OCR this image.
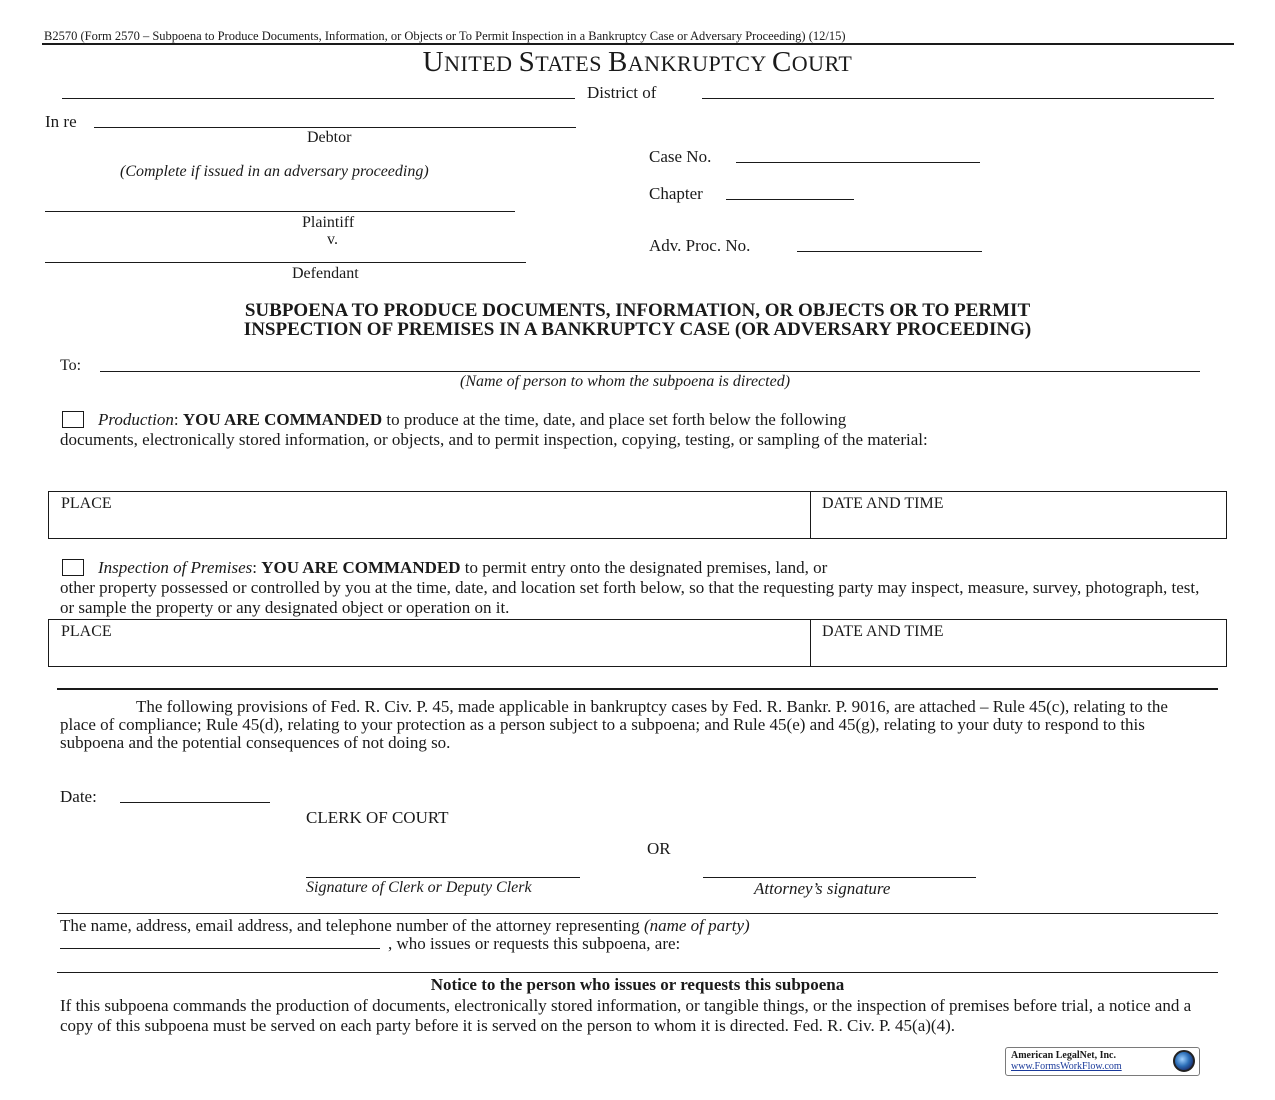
B2570 (Form 2570 – Subpoena to Produce Documents, Information, or Objects or To Permit Inspection in a Bankruptcy Case or Adversary Proceeding) (12/15)
UNITED STATES BANKRUPTCY COURT
District of
In re
Debtor
(Complete if issued in an adversary proceeding)
Plaintiff
v.
Defendant
Case No.
Chapter
Adv. Proc. No.
SUBPOENA TO PRODUCE DOCUMENTS, INFORMATION, OR OBJECTS OR TO PERMIT
INSPECTION OF PREMISES IN A BANKRUPTCY CASE (OR ADVERSARY PROCEEDING)
To:
(Name of person to whom the subpoena is directed)
Production: YOU ARE COMMANDED to produce at the time, date, and place set forth below the following
documents, electronically stored information, or objects, and to permit inspection, copying, testing, or sampling of the material:
PLACE	DATE AND TIME
Inspection of Premises: YOU ARE COMMANDED to permit entry onto the designated premises, land, or
other property possessed or controlled by you at the time, date, and location set forth below, so that the requesting party may inspect, measure, survey, photograph, test, or sample the property or any designated object or operation on it.
PLACE	DATE AND TIME
The following provisions of Fed. R. Civ. P. 45, made applicable in bankruptcy cases by Fed. R. Bankr. P. 9016, are attached – Rule 45(c), relating to the place of compliance; Rule 45(d), relating to your protection as a person subject to a subpoena; and Rule 45(e) and 45(g), relating to your duty to respond to this subpoena and the potential consequences of not doing so.
Date:
CLERK OF COURT
OR
Signature of Clerk or Deputy Clerk	Attorney’s signature
The name, address, email address, and telephone number of the attorney representing (name of party)
, who issues or requests this subpoena, are:
Notice to the person who issues or requests this subpoena
If this subpoena commands the production of documents, electronically stored information, or tangible things, or the inspection of premises before trial, a notice and a copy of this subpoena must be served on each party before it is served on the person to whom it is directed. Fed. R. Civ. P. 45(a)(4).
American LegalNet, Inc.
www.FormsWorkFlow.com
